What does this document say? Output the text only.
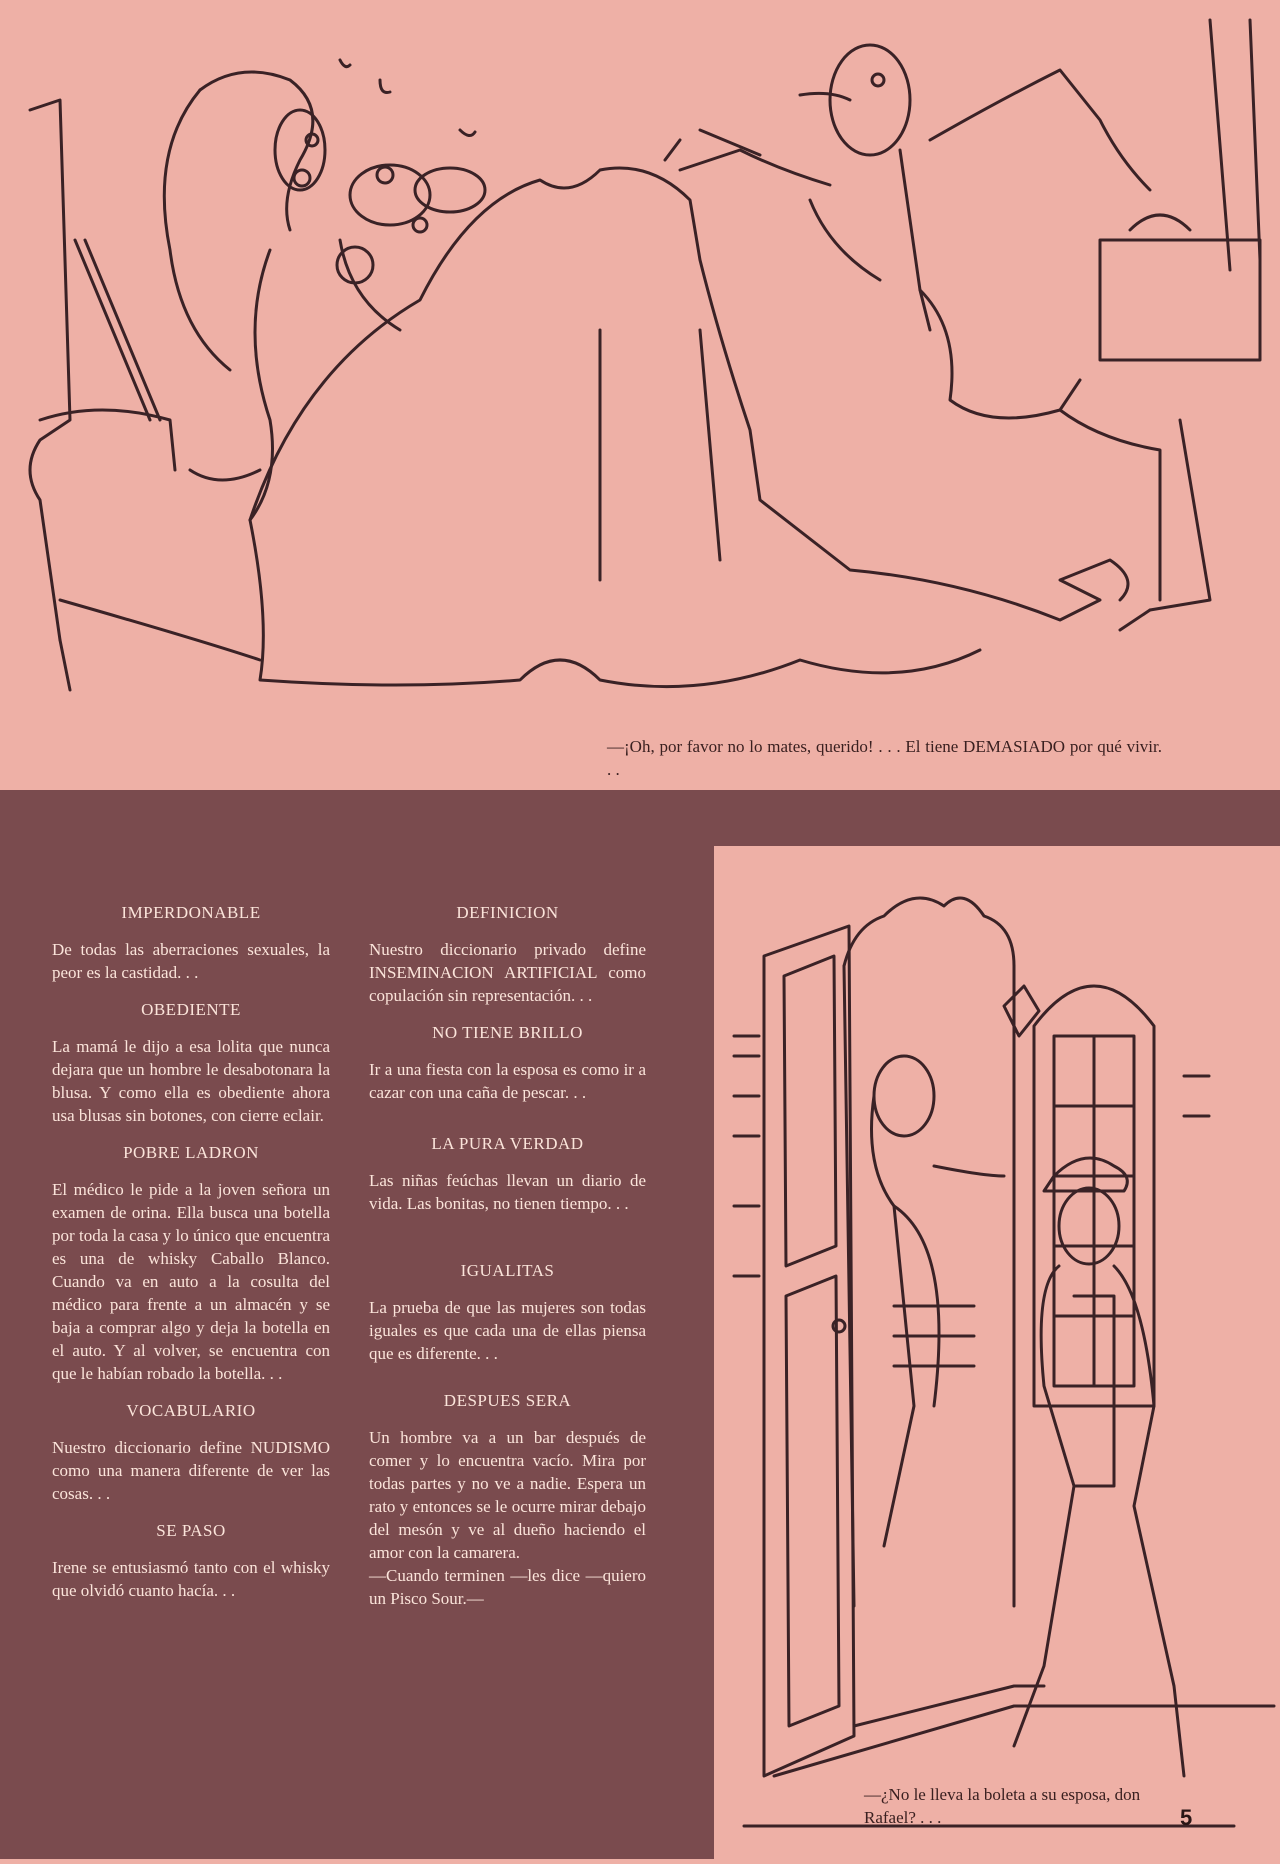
—¡Oh, por favor no lo mates, querido! . . . El tiene DEMASIADO por qué vivir. . .
IMPERDONABLE

De todas las aberraciones sexuales, la peor es la castidad. . .

OBEDIENTE

La mamá le dijo a esa lolita que nunca dejara que un hombre le desabotonara la blusa. Y como ella es obediente ahora usa blusas sin botones, con cierre eclair.

POBRE LADRON

El médico le pide a la joven señora un examen de orina. Ella busca una botella por toda la casa y lo único que encuentra es una de whisky Caballo Blanco. Cuando va en auto a la cosulta del médico para frente a un almacén y se baja a comprar algo y deja la botella en el auto. Y al volver, se encuentra con que le habían robado la botella. . .

VOCABULARIO

Nuestro diccionario define NUDISMO como una manera diferente de ver las cosas. . .

SE PASO

Irene se entusiasmó tanto con el whisky que olvidó cuanto hacía. . .

DEFINICION

Nuestro diccionario privado define INSEMINACION ARTIFICIAL como copulación sin representación. . .

NO TIENE BRILLO

Ir a una fiesta con la esposa es como ir a cazar con una caña de pescar. . .

LA PURA VERDAD

Las niñas feúchas llevan un diario de vida. Las bonitas, no tienen tiempo. . .

IGUALITAS

La prueba de que las mujeres son todas iguales es que cada una de ellas piensa que es diferente. . .

DESPUES SERA

Un hombre va a un bar después de comer y lo encuentra vacío. Mira por todas partes y no ve a nadie. Espera un rato y entonces se le ocurre mirar debajo del mesón y ve al dueño haciendo el amor con la camarera.
—Cuando terminen —les dice —quiero un Pisco Sour.—

—¿No le lleva la boleta a su esposa, don Rafael? . . .	5
